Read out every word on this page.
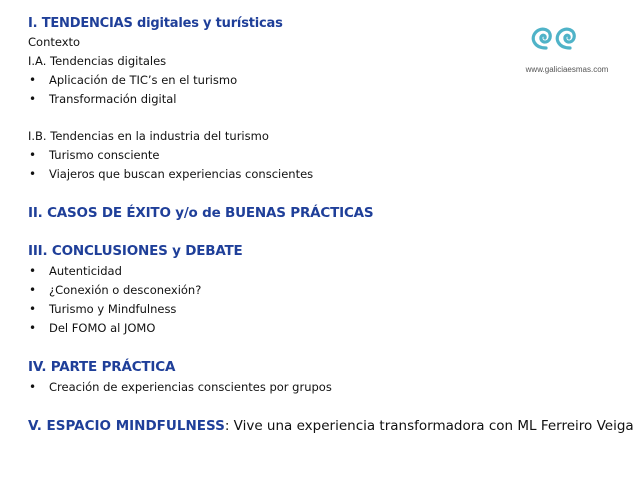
www.galiciaesmas.com
I. TENDENCIAS digitales y turísticas
Contexto
I.A. Tendencias digitales
• Aplicación de TIC’s en el turismo
• Transformación digital
I.B. Tendencias en la industria del turismo
• Turismo consciente
• Viajeros que buscan experiencias conscientes
II. CASOS DE ÉXITO y/o de BUENAS PRÁCTICAS
III. CONCLUSIONES y DEBATE
• Autenticidad
• ¿Conexión o desconexión?
• Turismo y Mindfulness
• Del FOMO al JOMO
IV. PARTE PRÁCTICA
• Creación de experiencias conscientes por grupos
V. ESPACIO MINDFULNESS: Vive una experiencia transformadora con ML Ferreiro Veiga
